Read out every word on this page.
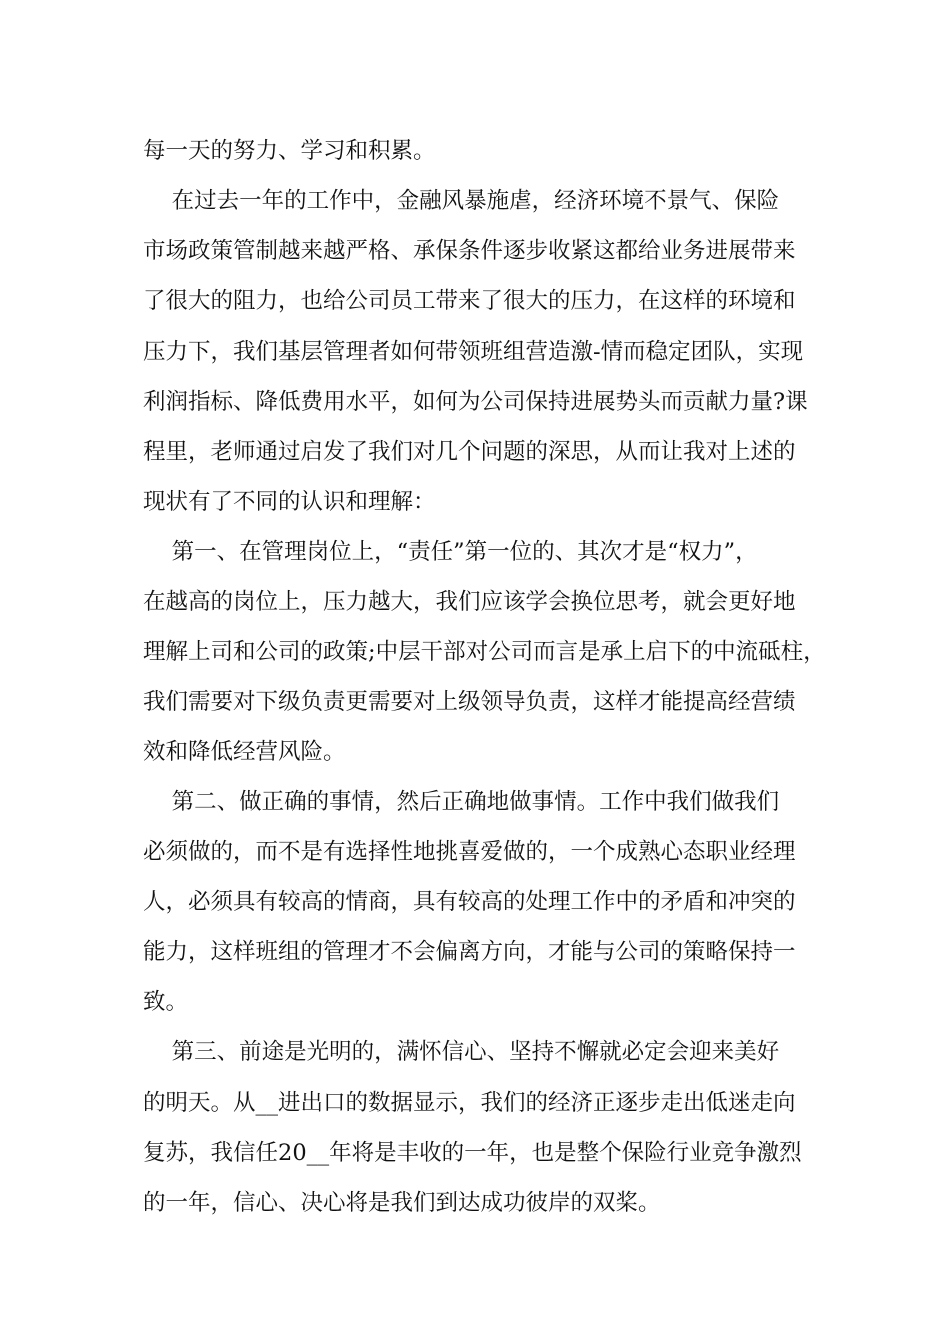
每一天的努力、学习和积累。

在过去一年的工作中，金融风暴施虐，经济环境不景气、保险

市场政策管制越来越严格、承保条件逐步收紧这都给业务进展带来

了很大的阻力，也给公司员工带来了很大的压力，在这样的环境和

压力下，我们基层管理者如何带领班组营造激-情而稳定团队，实现

利润指标、降低费用水平，如何为公司保持进展势头而贡献力量?课

程里，老师通过启发了我们对几个问题的深思，从而让我对上述的

现状有了不同的认识和理解：

第一、在管理岗位上，“责任”第一位的、其次才是“权力”，

在越高的岗位上，压力越大，我们应该学会换位思考，就会更好地

理解上司和公司的政策;中层干部对公司而言是承上启下的中流砥柱，

我们需要对下级负责更需要对上级领导负责，这样才能提高经营绩

效和降低经营风险。

第二、做正确的事情，然后正确地做事情。工作中我们做我们

必须做的，而不是有选择性地挑喜爱做的，一个成熟心态职业经理

人，必须具有较高的情商，具有较高的处理工作中的矛盾和冲突的

能力，这样班组的管理才不会偏离方向，才能与公司的策略保持一

致。

第三、前途是光明的，满怀信心、坚持不懈就必定会迎来美好

的明天。从__进出口的数据显示，我们的经济正逐步走出低迷走向

复苏，我信任20__年将是丰收的一年，也是整个保险行业竞争激烈

的一年，信心、决心将是我们到达成功彼岸的双桨。
